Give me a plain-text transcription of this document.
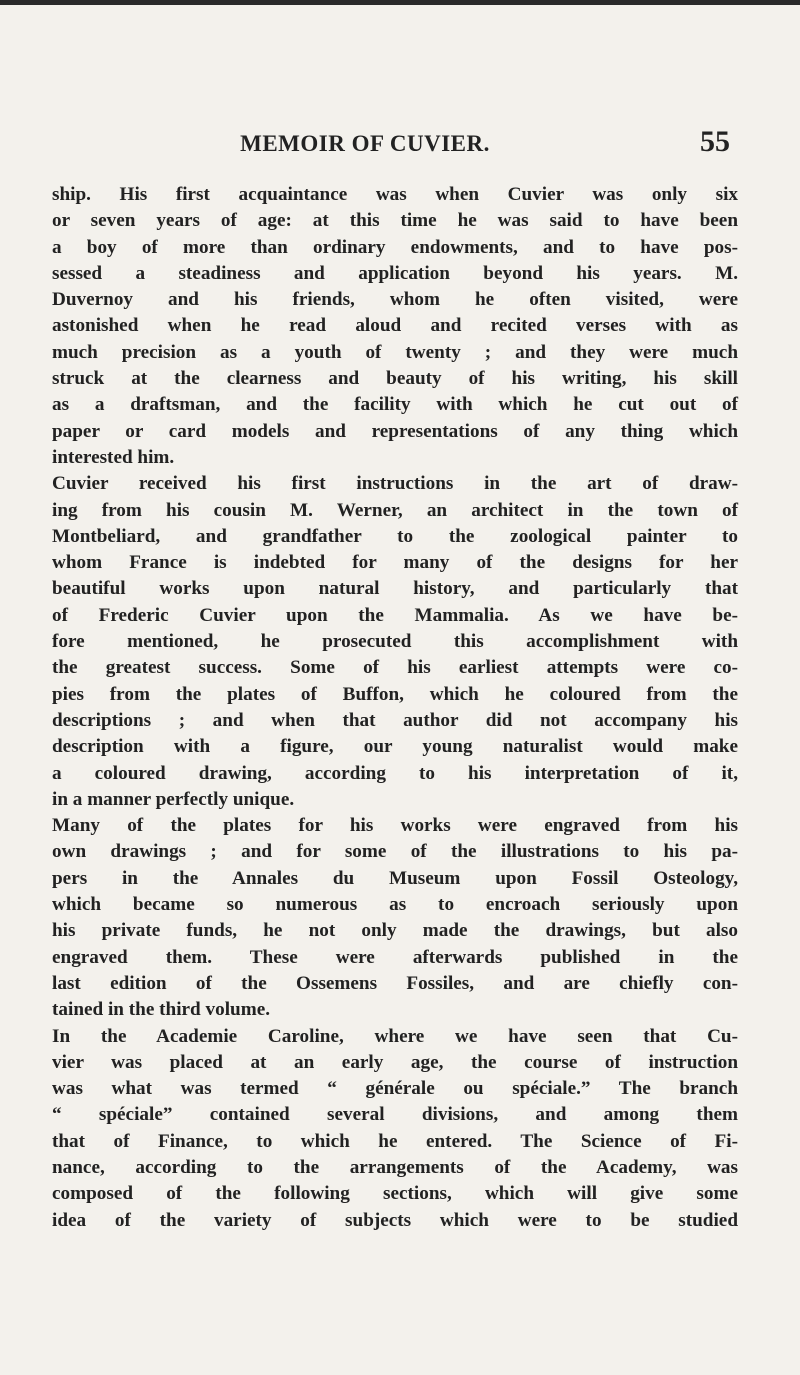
MEMOIR OF CUVIER.	55
ship. His first acquaintance was when Cuvier was only six
or seven years of age: at this time he was said to have been
a boy of more than ordinary endowments, and to have pos-
sessed a steadiness and application beyond his years. M.
Duvernoy and his friends, whom he often visited, were
astonished when he read aloud and recited verses with as
much precision as a youth of twenty ; and they were much
struck at the clearness and beauty of his writing, his skill
as a draftsman, and the facility with which he cut out of
paper or card models and representations of any thing which
interested him.
Cuvier received his first instructions in the art of draw-
ing from his cousin M. Werner, an architect in the town of
Montbeliard, and grandfather to the zoological painter to
whom France is indebted for many of the designs for her
beautiful works upon natural history, and particularly that
of Frederic Cuvier upon the Mammalia. As we have be-
fore mentioned, he prosecuted this accomplishment with
the greatest success. Some of his earliest attempts were co-
pies from the plates of Buffon, which he coloured from the
descriptions ; and when that author did not accompany his
description with a figure, our young naturalist would make
a coloured drawing, according to his interpretation of it,
in a manner perfectly unique.
Many of the plates for his works were engraved from his
own drawings ; and for some of the illustrations to his pa-
pers in the Annales du Museum upon Fossil Osteology,
which became so numerous as to encroach seriously upon
his private funds, he not only made the drawings, but also
engraved them. These were afterwards published in the
last edition of the Ossemens Fossiles, and are chiefly con-
tained in the third volume.
In the Academie Caroline, where we have seen that Cu-
vier was placed at an early age, the course of instruction
was what was termed “ générale ou spéciale.” The branch
“ spéciale” contained several divisions, and among them
that of Finance, to which he entered. The Science of Fi-
nance, according to the arrangements of the Academy, was
composed of the following sections, which will give some
idea of the variety of subjects which were to be studied
